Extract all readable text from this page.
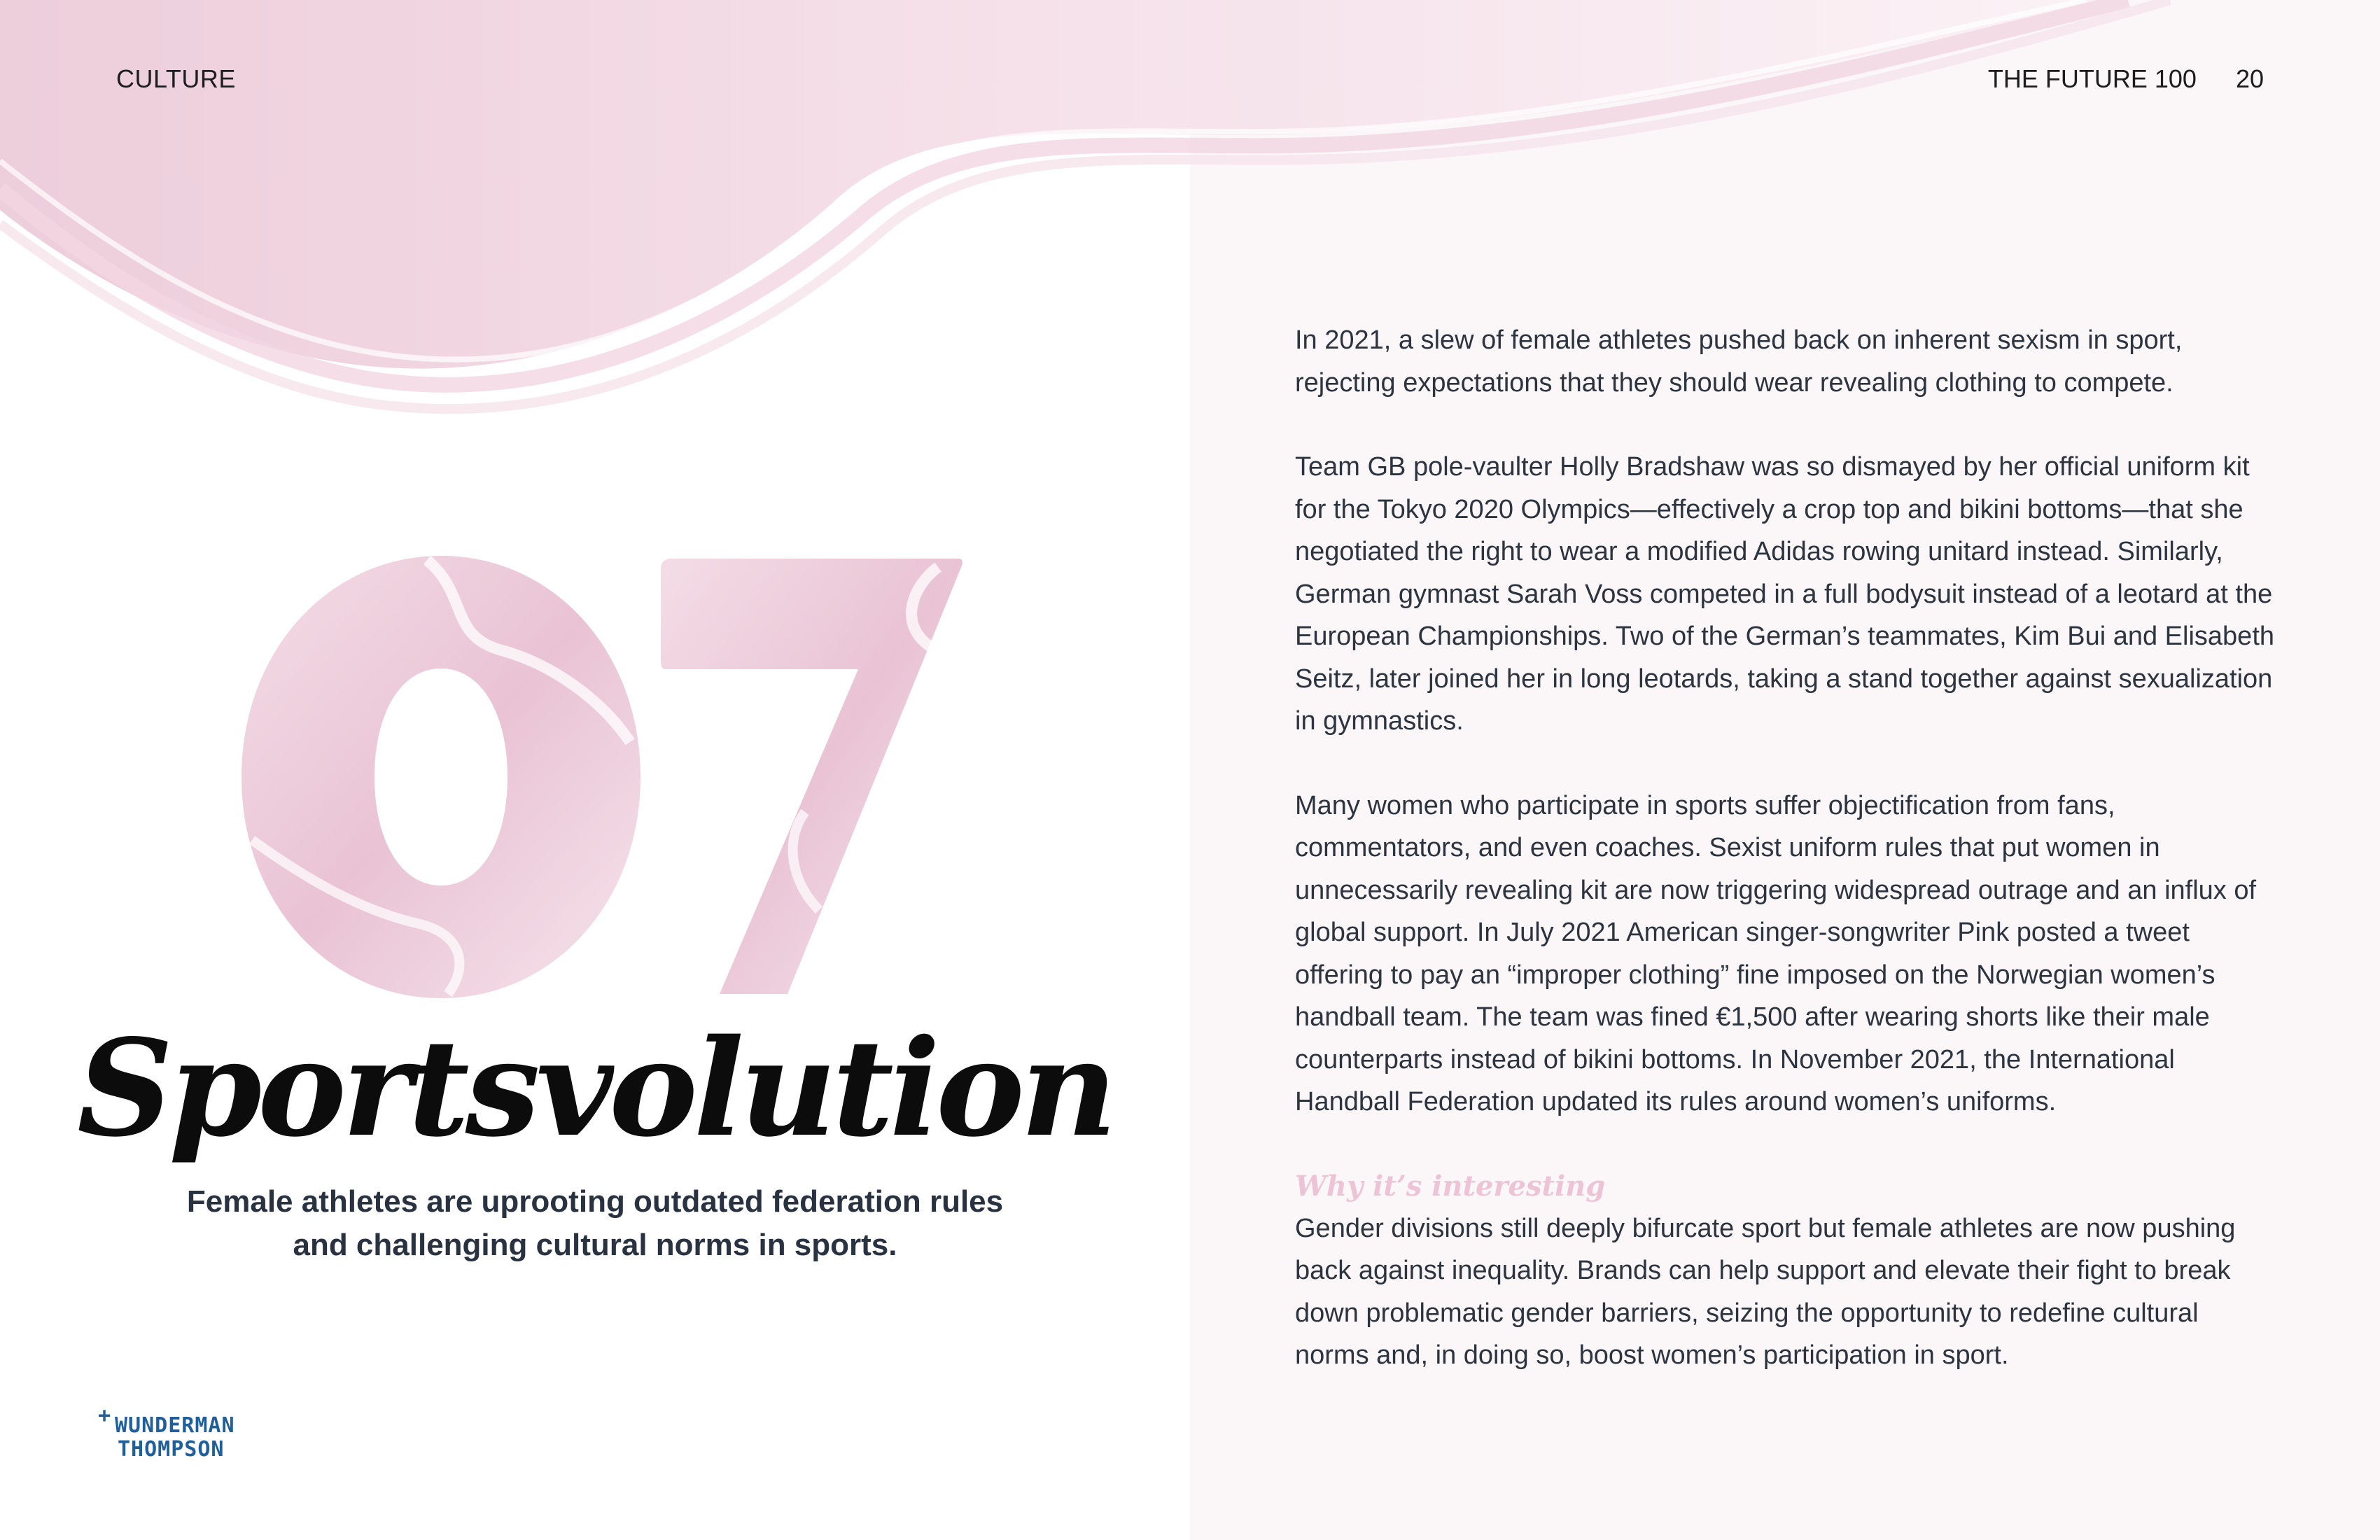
CULTURE	THE FUTURE 100 20
Sportsvolution
Female athletes are uprooting outdated federation rules and challenging cultural norms in sports.
+ WUNDERMAN
THOMPSON

In 2021, a slew of female athletes pushed back on inherent sexism in sport, rejecting expectations that they should wear revealing clothing to compete.

Team GB pole-vaulter Holly Bradshaw was so dismayed by her official uniform kit for the Tokyo 2020 Olympics—effectively a crop top and bikini bottoms—that she negotiated the right to wear a modified Adidas rowing unitard instead. Similarly, German gymnast Sarah Voss competed in a full bodysuit instead of a leotard at the European Championships. Two of the German’s teammates, Kim Bui and Elisabeth Seitz, later joined her in long leotards, taking a stand together against sexualization in gymnastics.

Many women who participate in sports suffer objectification from fans, commentators, and even coaches. Sexist uniform rules that put women in unnecessarily revealing kit are now triggering widespread outrage and an influx of global support. In July 2021 American singer-songwriter Pink posted a tweet offering to pay an “improper clothing” fine imposed on the Norwegian women’s handball team. The team was fined €1,500 after wearing shorts like their male counterparts instead of bikini bottoms. In November 2021, the International Handball Federation updated its rules around women’s uniforms.

Why it’s interesting

Gender divisions still deeply bifurcate sport but female athletes are now pushing back against inequality. Brands can help support and elevate their fight to break down problematic gender barriers, seizing the opportunity to redefine cultural norms and, in doing so, boost women’s participation in sport.
